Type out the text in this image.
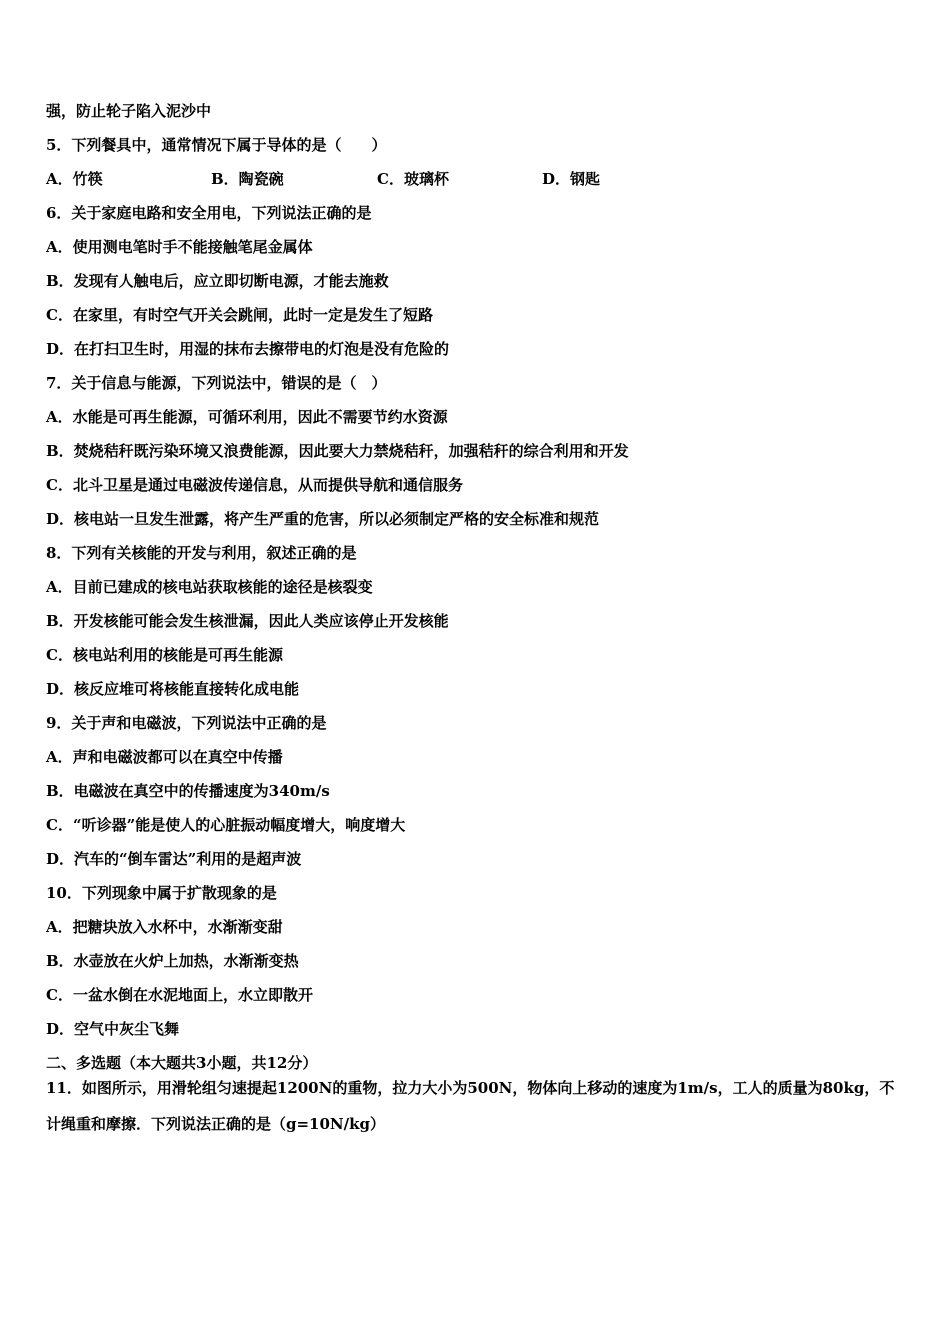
强，防止轮子陷入泥沙中
5．下列餐具中，通常情况下属于导体的是（　　）
A．竹筷	B．陶瓷碗	C．玻璃杯	D．钢匙
6．关于家庭电路和安全用电，下列说法正确的是
A．使用测电笔时手不能接触笔尾金属体
B．发现有人触电后，应立即切断电源，才能去施救
C．在家里，有时空气开关会跳闸，此时一定是发生了短路
D．在打扫卫生时，用湿的抹布去擦带电的灯泡是没有危险的
7．关于信息与能源，下列说法中，错误的是（　）
A．水能是可再生能源，可循环利用，因此不需要节约水资源
B．焚烧秸秆既污染环境又浪费能源，因此要大力禁烧秸秆，加强秸秆的综合利用和开发
C．北斗卫星是通过电磁波传递信息，从而提供导航和通信服务
D．核电站一旦发生泄露，将产生严重的危害，所以必须制定严格的安全标准和规范
8．下列有关核能的开发与利用，叙述正确的是
A．目前已建成的核电站获取核能的途径是核裂变
B．开发核能可能会发生核泄漏，因此人类应该停止开发核能
C．核电站利用的核能是可再生能源
D．核反应堆可将核能直接转化成电能
9．关于声和电磁波，下列说法中正确的是
A．声和电磁波都可以在真空中传播
B．电磁波在真空中的传播速度为340m/s
C．“听诊器”能是使人的心脏振动幅度增大，响度增大
D．汽车的“倒车雷达”利用的是超声波
10．下列现象中属于扩散现象的是
A．把糖块放入水杯中，水渐渐变甜
B．水壶放在火炉上加热，水渐渐变热
C．一盆水倒在水泥地面上，水立即散开
D．空气中灰尘飞舞
二、多选题（本大题共3小题，共12分）
11．如图所示，用滑轮组匀速提起1200N的重物，拉力大小为500N，物体向上移动的速度为1m/s，工人的质量为80kg，不计绳重和摩擦．下列说法正确的是（g=10N/kg）
